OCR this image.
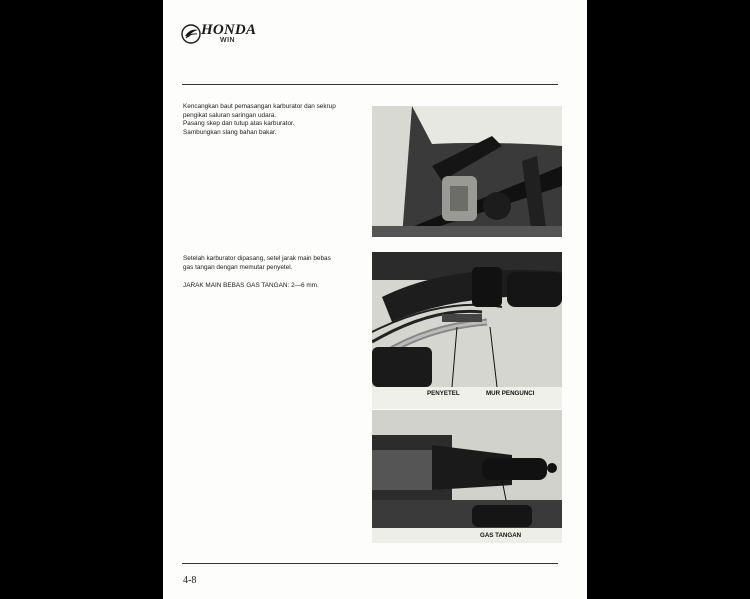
HONDA
WIN
Kencangkan baut pemasangan karburator dan sekrup
pengikat saluran saringan udara.
Pasang skep dan tutup atas karburator.
Sambungkan slang bahan bakar.
Setelah karburator dipasang, setel jarak main bebas
gas tangan dengan memutar penyetel.
JARAK MAIN BEBAS GAS TANGAN: 2—6 mm.
PENYETEL	MUR PENGUNCI
GAS TANGAN
4-8
